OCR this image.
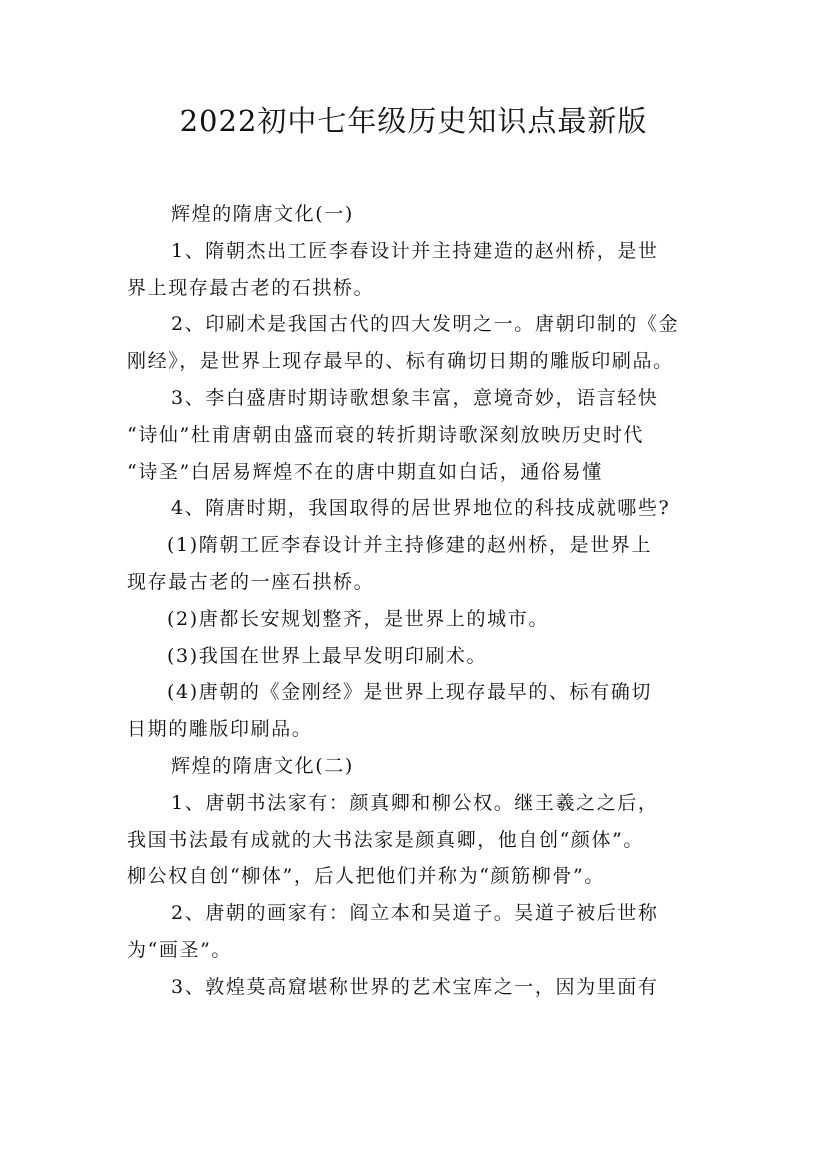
2022初中七年级历史知识点最新版
辉煌的隋唐文化(一)
1、隋朝杰出工匠李春设计并主持建造的赵州桥，是世
界上现存最古老的石拱桥。
2、印刷术是我国古代的四大发明之一。唐朝印制的《金
刚经》，是世界上现存最早的、标有确切日期的雕版印刷品。
3、李白盛唐时期诗歌想象丰富，意境奇妙，语言轻快
“诗仙”杜甫唐朝由盛而衰的转折期诗歌深刻放映历史时代
“诗圣”白居易辉煌不在的唐中期直如白话，通俗易懂
4、隋唐时期，我国取得的居世界地位的科技成就哪些?
(1)隋朝工匠李春设计并主持修建的赵州桥，是世界上
现存最古老的一座石拱桥。
(2)唐都长安规划整齐，是世界上的城市。
(3)我国在世界上最早发明印刷术。
(4)唐朝的《金刚经》是世界上现存最早的、标有确切
日期的雕版印刷品。
辉煌的隋唐文化(二)
1、唐朝书法家有：颜真卿和柳公权。继王羲之之后，
我国书法最有成就的大书法家是颜真卿，他自创“颜体”。
柳公权自创“柳体”，后人把他们并称为“颜筋柳骨”。
2、唐朝的画家有：阎立本和吴道子。吴道子被后世称
为“画圣”。
3、敦煌莫高窟堪称世界的艺术宝库之一，因为里面有
